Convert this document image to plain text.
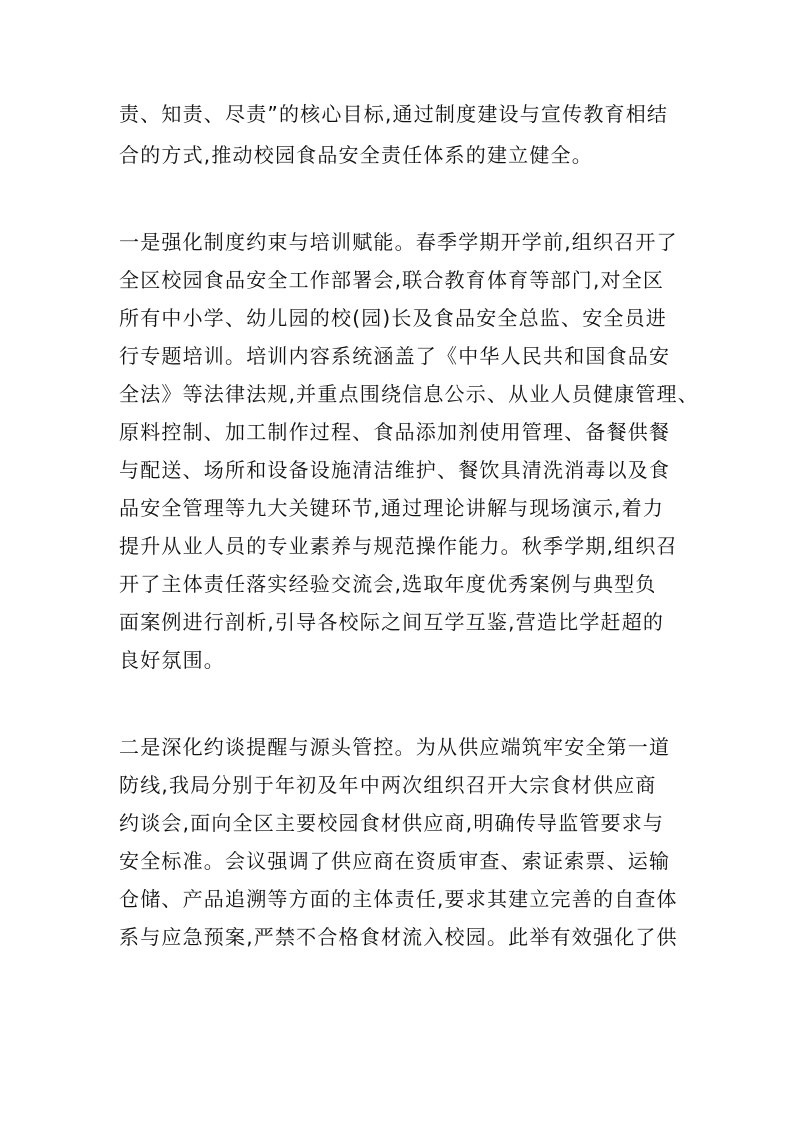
责、知责、尽责”的核心目标,通过制度建设与宣传教育相结
合的方式,推动校园食品安全责任体系的建立健全。
一是强化制度约束与培训赋能。春季学期开学前,组织召开了
全区校园食品安全工作部署会,联合教育体育等部门,对全区
所有中小学、幼儿园的校(园)长及食品安全总监、安全员进
行专题培训。培训内容系统涵盖了《中华人民共和国食品安
全法》等法律法规,并重点围绕信息公示、从业人员健康管理、
原料控制、加工制作过程、食品添加剂使用管理、备餐供餐
与配送、场所和设备设施清洁维护、餐饮具清洗消毒以及食
品安全管理等九大关键环节,通过理论讲解与现场演示,着力
提升从业人员的专业素养与规范操作能力。秋季学期,组织召
开了主体责任落实经验交流会,选取年度优秀案例与典型负
面案例进行剖析,引导各校际之间互学互鉴,营造比学赶超的
良好氛围。
二是深化约谈提醒与源头管控。为从供应端筑牢安全第一道
防线,我局分别于年初及年中两次组织召开大宗食材供应商
约谈会,面向全区主要校园食材供应商,明确传导监管要求与
安全标准。会议强调了供应商在资质审查、索证索票、运输
仓储、产品追溯等方面的主体责任,要求其建立完善的自查体
系与应急预案,严禁不合格食材流入校园。此举有效强化了供
